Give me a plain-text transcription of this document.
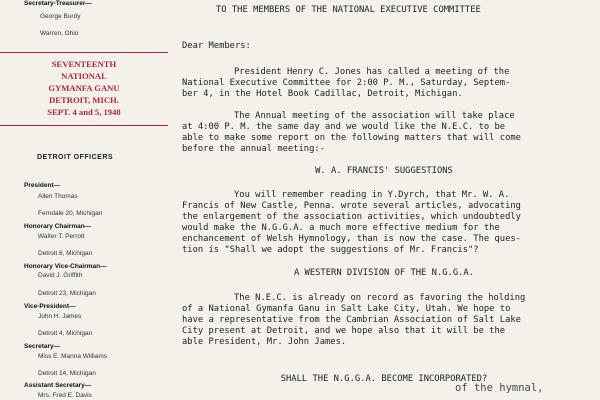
Secretary-Treasurer—
George Burdy
Warren, Ohio
SEVENTEENTH
NATIONAL
GYMANFA GANU
DETROIT, MICH.
SEPT. 4 and 5, 1948
DETROIT OFFICERS
President—
Allen Thomas
Ferndale 20, Michigan
Honorary Chairman—
Walter T. Perrott
Detroit 6, Michigan
Honorary Vice-Chairman—
David J. Griffith
Detroit 23, Michigan
Vice-President—
John H. James
Detroit 4, Michigan
Secretary—
Miss E. Manna Williams
Detroit 14, Michigan
Assistant Secretary—
Mrs. Fred E. Davis
TO THE MEMBERS OF THE NATIONAL EXECUTIVE COMMITTEE
Dear Members:
President Henry C. Jones has called a meeting of the
National Executive Committee for 2:00 P. M., Saturday, Septem-
ber 4, in the Hotel Book Cadillac, Detroit, Michigan.
The Annual meeting of the association will take place
at 4:00 P. M. the same day and we would like the N.E.C. to be
able to make some report on the following matters that will come
before the annual meeting:-
W. A. FRANCIS' SUGGESTIONS
You will remember reading in Y.Dyrch, that Mr. W. A.
Francis of New Castle, Penna. wrote several articles, advocating
the enlargement of the association activities, which undoubtedly
would make the N.G.G.A. a much more effective medium for the
enchancement of Welsh Hymnology, than is now the case. The ques-
tion is "Shall we adopt the suggestions of Mr. Francis"?
A WESTERN DIVISION OF THE N.G.G.A.
The N.E.C. is already on record as favoring the holding
of a National Gymanfa Ganu in Salt Lake City, Utah. We hope to
have a representative from the Cambrian Association of Salt Lake
City present at Detroit, and we hope also that it will be the
able President, Mr. John James.
SHALL THE N.G.G.A. BECOME INCORPORATED?
of the hymnal,
